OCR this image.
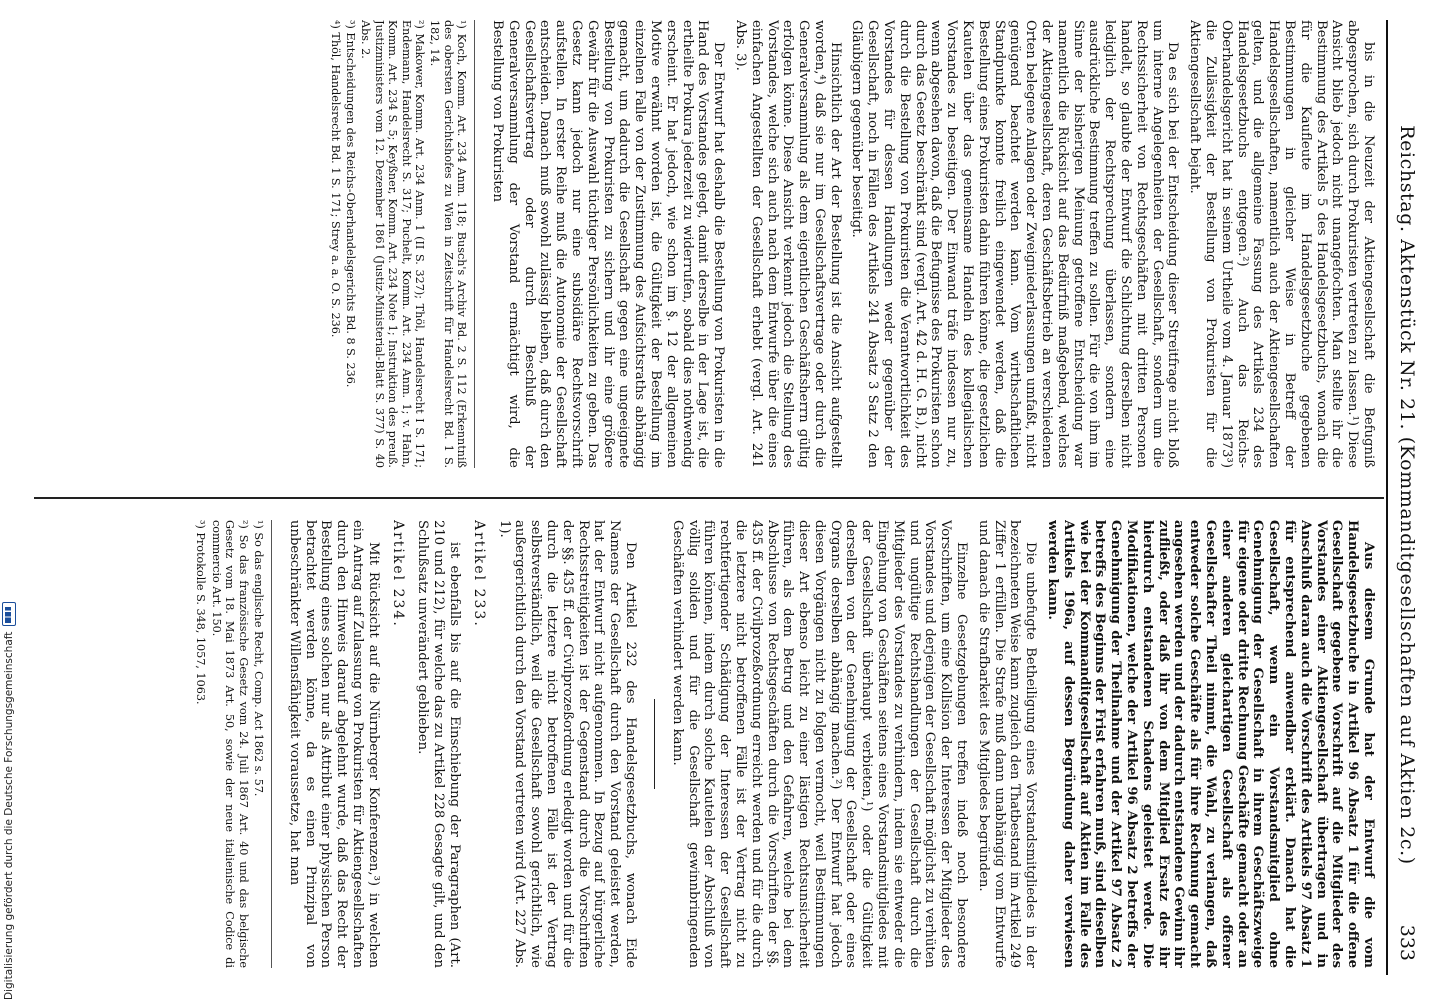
Reichstag. Aktenstück Nr. 21. (Kommanditgesellschaften auf Aktien 2c.)
333

Aus diesem Grunde hat der Entwurf die vom Handelsgesetzbuche in Artikel 96 Absatz 1 für die offene Gesellschaft gegebene Vorschrift auf die Mitglieder des Vorstandes einer Aktiengesellschaft übertragen und in Anschluß daran auch die Vorschrift des Artikels 97 Absatz 1 für entsprechend anwendbar erklärt. Danach hat die Gesellschaft, wenn ein Vorstandsmitglied ohne Genehmigung der Gesellschaft in ihrem Geschäftszweige für eigene oder dritte Rechnung Geschäfte gemacht oder an einer anderen gleichartigen Gesellschaft als offener Gesellschafter Theil nimmt, die Wahl, zu verlangen, daß entweder solche Geschäfte als für ihre Rechnung gemacht angesehen werden und der dadurch entstandene Gewinn ihr zufließt, oder daß ihr von dem Mitglied Ersatz des ihr hierdurch entstandenen Schadens geleistet werde. Die Modifikationen, welche der Artikel 96 Absatz 2 betreffs der Genehmigung der Theilnahme und der Artikel 97 Absatz 2 betreffs des Beginns der Frist erfahren muß, sind dieselben wie bei der Kommanditgesellschaft auf Aktien im Falle des Artikels 196a, auf dessen Begründung daher verwiesen werden kann.

Die unbefugte Betheiligung eines Vorstandsmitgliedes in der bezeichneten Weise kann zugleich den Thatbestand im Artikel 249 Ziffer 1 erfüllen. Die Strafe muß dann unabhängig vom Entwurfe und danach die Strafbarkeit des Mitgliedes begründen.

Einzelne Gesetzgebungen treffen indeß noch besondere Vorschriften, um eine Kollision der Interessen der Mitglieder des Vorstandes und derjenigen der Gesellschaft möglichst zu verhüten und ungültige Rechtshandlungen der Gesellschaft durch die Mitglieder des Vorstandes zu verhindern, indem sie entweder die Eingehung von Geschäften seitens eines Vorstandsmitgliedes mit der Gesellschaft überhaupt verbieten,¹) oder die Gültigkeit derselben von der Genehmigung der Gesellschaft oder eines Organs derselben abhängig machen.²) Der Entwurf hat jedoch diesen Vorgängen nicht zu folgen vermocht, weil Bestimmungen dieser Art ebenso leicht zu einer lästigen Rechtsunsicherheit führen, als dem Betrug und den Gefahren, welche bei dem Abschlusse von Rechtsgeschäften durch die Vorschriften der §§. 435 ff. der Civilprozeßordnung erreicht werden und für die durch die letztere nicht betroffenen Fälle ist der Vertrag nicht zu rechtfertigender Schädigung der Interessen der Gesellschaft führen können, indem durch solche Kautelen der Abschluß von völlig soliden und für die Gesellschaft gewinnbringenden Geschäften verhindert werden kann.

Den Artikel 232 des Handelsgesetzbuchs, wonach Eide Namens der Gesellschaft durch den Vorstand geleistet werden, hat der Entwurf nicht aufgenommen. In Bezug auf bürgerliche Rechtsstreitigkeiten ist der Gegenstand durch die Vorschriften der §§. 435 ff. der Civilprozeßordnung erledigt worden und für die durch die letztere nicht betroffenen Fälle ist der Vertrag selbstverständlich, weil die Gesellschaft sowohl gerichtlich, wie außergerichtlich durch den Vorstand vertreten wird (Art. 227 Abs. 1).

Artikel 233.

ist ebenfalls bis auf die Einschiebung der Paragraphen (Art. 210 und 212), für welche das zu Artikel 228 Gesagte gilt, und den Schlußsatz unverändert geblieben.

Artikel 234.

Mit Rücksicht auf die Nürnberger Konferenzen,³) in welchen ein Antrag auf Zulassung von Prokuristen für Aktiengesellschaften durch den Hinweis darauf abgelehnt wurde, daß das Recht der Bestellung eines solchen nur als Attribut einer physischen Person betrachtet werden könne, da es einen Prinzipal von unbeschränkter Willensfähigkeit voraussetze, hat man

¹) So das englische Recht, Comp. Act 1862 s. 57.

²) So das französische Gesetz vom 24. Juli 1867 Art. 40 und das belgische Gesetz vom 18. Mai 1873 Art. 50, sowie der neue italienische Codice di commercio Art. 150.

³) Protokolle S. 348, 1057, 1063.

bis in die Neuzeit der Aktiengesellschaft die Befugniß abgesprochen, sich durch Prokuristen vertreten zu lassen.¹) Diese Ansicht blieb jedoch nicht unangefochten. Man stellte ihr die Bestimmung des Artikels 5 des Handelsgesetzbuchs, wonach die für die Kaufleute im Handelsgesetzbuche gegebenen Bestimmungen in gleicher Weise in Betreff der Handelsgesellschaften, namentlich auch der Aktiengesellschaften gelten, und die allgemeine Fassung des Artikels 234 des Handelsgesetzbuchs entgegen.²) Auch das Reichs-Oberhandelsgericht hat in seinem Urtheile vom 4. Januar 1873³) die Zulässigkeit der Bestellung von Prokuristen für die Aktiengesellschaft bejaht.

Da es sich bei der Entscheidung dieser Streitfrage nicht bloß um interne Angelegenheiten der Gesellschaft, sondern um die Rechtssicherheit von Rechtsgeschäften mit dritten Personen handelt, so glaubte der Entwurf die Schlichtung derselben nicht lediglich der Rechtsprechung überlassen, sondern eine ausdrückliche Bestimmung treffen zu sollen. Für die von ihm im Sinne der bisherigen Meinung getroffene Entscheidung war namentlich die Rücksicht auf das Bedürfniß maßgebend, welches der Aktiengesellschaft, deren Geschäftsbetrieb an verschiedenen Orten belegene Anlagen oder Zweigniederlassungen umfaßt, nicht genügend beachtet werden kann. Vom wirthschaftlichen Standpunkte konnte freilich eingewendet werden, daß die Bestellung eines Prokuristen dahin führen könne, die gesetzlichen Kautelen über das gemeinsame Handeln des kollegialischen Vorstandes zu beseitigen. Der Einwand träfe indessen nur zu, wenn abgesehen davon, daß die Befugnisse des Prokuristen schon durch das Gesetz beschränkt sind (vergl. Art. 42 d. H. G. B.), nicht durch die Bestellung von Prokuristen die Verantwortlichkeit des Vorstandes für dessen Handlungen weder gegenüber der Gesellschaft, noch in Fällen des Artikels 241 Absatz 3 Satz 2 den Gläubigern gegenüber beseitigt.

Hinsichtlich der Art der Bestellung ist die Ansicht aufgestellt worden,⁴) daß sie nur im Gesellschaftsvertrage oder durch die Generalversammlung als dem eigentlichen Geschäftsherrn gültig erfolgen könne. Diese Ansicht verkennt jedoch die Stellung des Vorstandes, welche sich auch nach dem Entwurfe über die eines einfachen Angestellten der Gesellschaft erhebt (vergl. Art. 241 Abs. 3).

Der Entwurf hat deshalb die Bestellung von Prokuristen in die Hand des Vorstandes gelegt, damit derselbe in der Lage ist, die ertheilte Prokura jederzeit zu widerrufen, sobald dies nothwendig erscheint. Er hat jedoch, wie schon im §. 12 der allgemeinen Motive erwähnt worden ist, die Gültigkeit der Bestellung im einzelnen Falle von der Zustimmung des Aufsichtsraths abhängig gemacht, um dadurch die Gesellschaft gegen eine ungeeignete Bestellung von Prokuristen zu sichern und ihr eine größere Gewähr für die Auswahl tüchtiger Persönlichkeiten zu geben. Das Gesetz kann jedoch nur eine subsidiäre Rechtsvorschrift aufstellen. In erster Reihe muß die Autonomie der Gesellschaft entscheiden. Danach muß sowohl zulässig bleiben, daß durch den Gesellschaftsvertrag oder durch Beschluß der Generalversammlung der Vorstand ermächtigt wird, die Bestellung von Prokuristen

¹) Koch, Komm. Art. 234 Anm. 118; Busch's Archiv Bd. 2 S. 112 (Erkenntniß des obersten Gerichtshofes zu Wien in Zeitschrift für Handelsrecht Bd. 1 S. 182, 14.

²) Makower, Komm. Art. 234 Anm. 1 (II S. 327); Thöl, Handelsrecht I S. 171; Endemann, Handelsrecht S. 317; Puchelt, Komm. Art. 234 Anm. 1; v. Hahn, Komm. Art. 234 S. 5; Keyßner, Komm. Art. 234 Note 1; Instruktion des preuß. Justizministers vom 12. Dezember 1861 (Justiz-Ministerial-Blatt S. 377) S. 40 Abs. 2.

³) Entscheidungen des Reichs-Oberhandelsgerichts Bd. 8 S. 236.

⁴) Thöl, Handelsrecht Bd. 1 S. 171; Strey a. a. O. S. 236.

Digitalisierung gefördert durch die Deutsche Forschungsgemeinschaft
